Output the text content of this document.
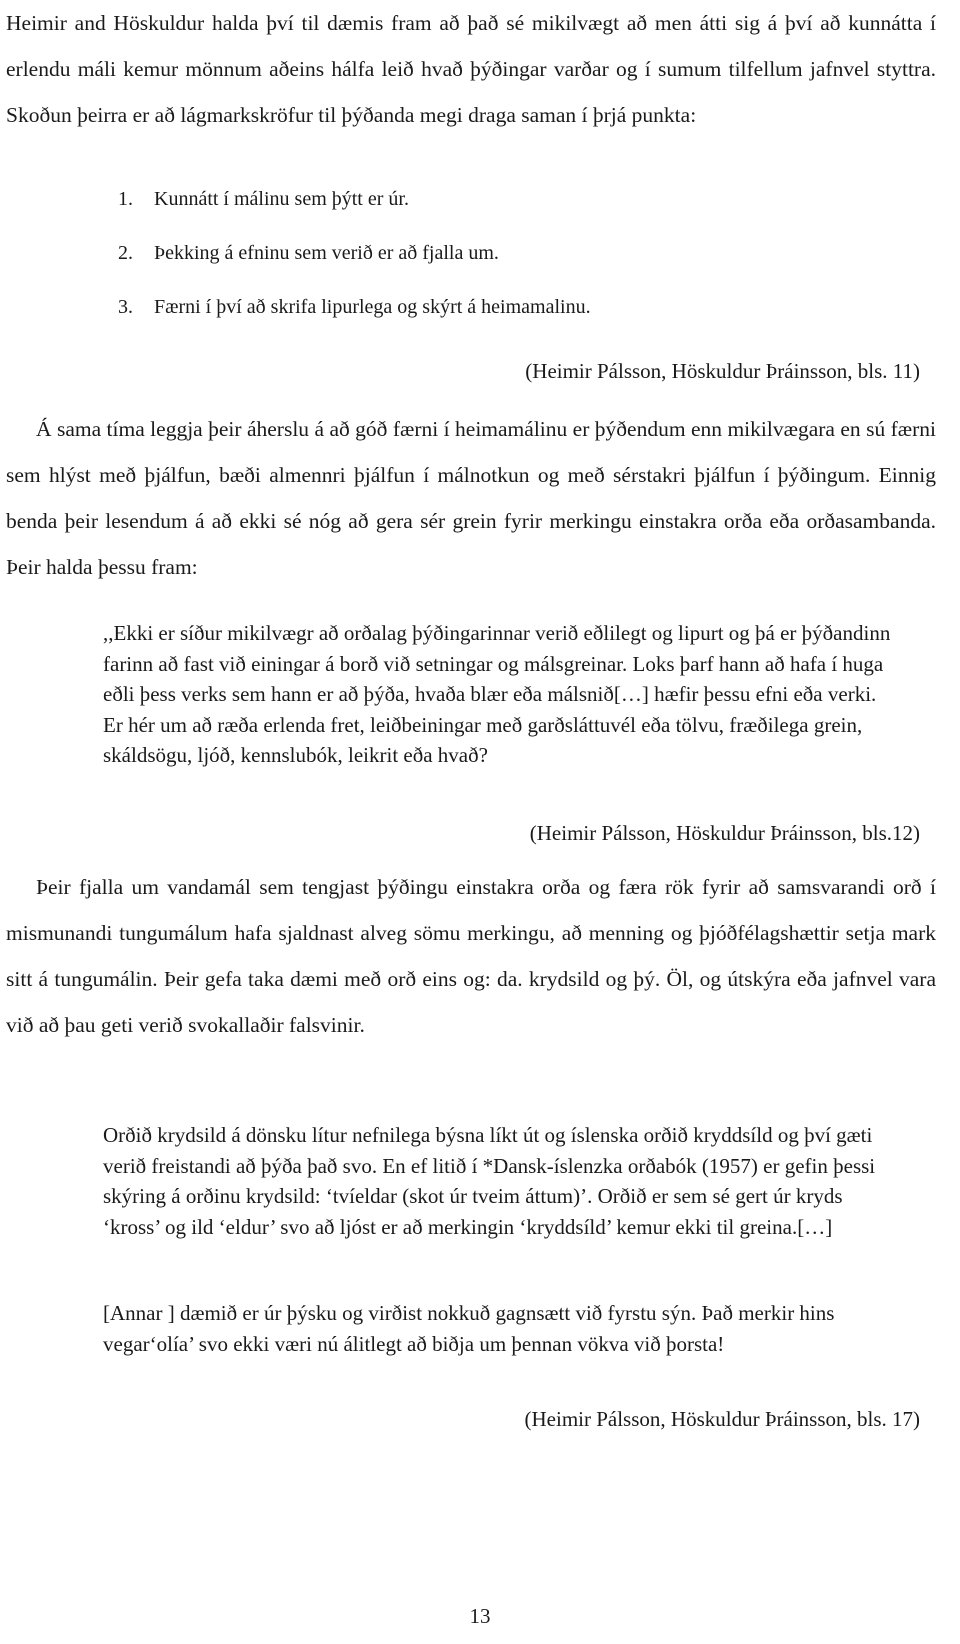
Heimir and Höskuldur halda því til dæmis fram að það sé mikilvægt að men átti sig á því að kunnátta í erlendu máli kemur mönnum aðeins hálfa leið hvað þýðingar varðar og í sumum tilfellum jafnvel styttra. Skoðun þeirra er að lágmarkskröfur til þýðanda megi draga saman í þrjá punkta:

1.	Kunnátt í málinu sem þýtt er úr.
2.	Þekking á efninu sem verið er að fjalla um.
3.	Færni í því að skrifa lipurlega og skýrt á heimamalinu.

(Heimir Pálsson, Höskuldur Þráinsson, bls. 11)

Á sama tíma leggja þeir áherslu á að góð færni í heimamálinu er þýðendum enn mikilvægara en sú færni sem hlýst með þjálfun, bæði almennri þjálfun í málnotkun og með sérstakri þjálfun í þýðingum. Einnig benda þeir lesendum á að ekki sé nóg að gera sér grein fyrir merkingu einstakra orða eða orðasambanda. Þeir halda þessu fram:

,,Ekki er síður mikilvægr að orðalag þýðingarinnar verið eðlilegt og lipurt og þá er þýðandinn farinn að fast við einingar á borð við setningar og málsgreinar. Loks þarf hann að hafa í huga eðli þess verks sem hann er að þýða, hvaða blær eða málsnið[…] hæfir þessu efni eða verki. Er hér um að ræða erlenda fret, leiðbeiningar með garðsláttuvél eða tölvu, fræðilega grein, skáldsögu, ljóð, kennslubók, leikrit eða hvað?

(Heimir Pálsson, Höskuldur Þráinsson, bls.12)

Þeir fjalla um vandamál sem tengjast þýðingu einstakra orða og færa rök fyrir að samsvarandi orð í mismunandi tungumálum hafa sjaldnast alveg sömu merkingu, að menning og þjóðfélagshættir setja mark sitt á tungumálin. Þeir gefa taka dæmi með orð eins og: da. krydsild og þý. Öl, og útskýra eða jafnvel vara við að þau geti verið svokallaðir falsvinir.

Orðið krydsild á dönsku lítur nefnilega býsna líkt út og íslenska orðið kryddsíld og því gæti verið freistandi að þýða það svo. En ef litið í *Dansk-íslenzka orðabók (1957) er gefin þessi skýring á orðinu krydsild: ‘tvíeldar (skot úr tveim áttum)’. Orðið er sem sé gert úr kryds ‘kross’ og ild ‘eldur’ svo að ljóst er að merkingin ‘kryddsíld’ kemur ekki til greina.[…]

[Annar ] dæmið er úr þýsku og virðist nokkuð gagnsætt við fyrstu sýn. Það merkir hins vegar‘olía’ svo ekki væri nú álitlegt að biðja um þennan vökva við þorsta!

(Heimir Pálsson, Höskuldur Þráinsson, bls. 17)

13
